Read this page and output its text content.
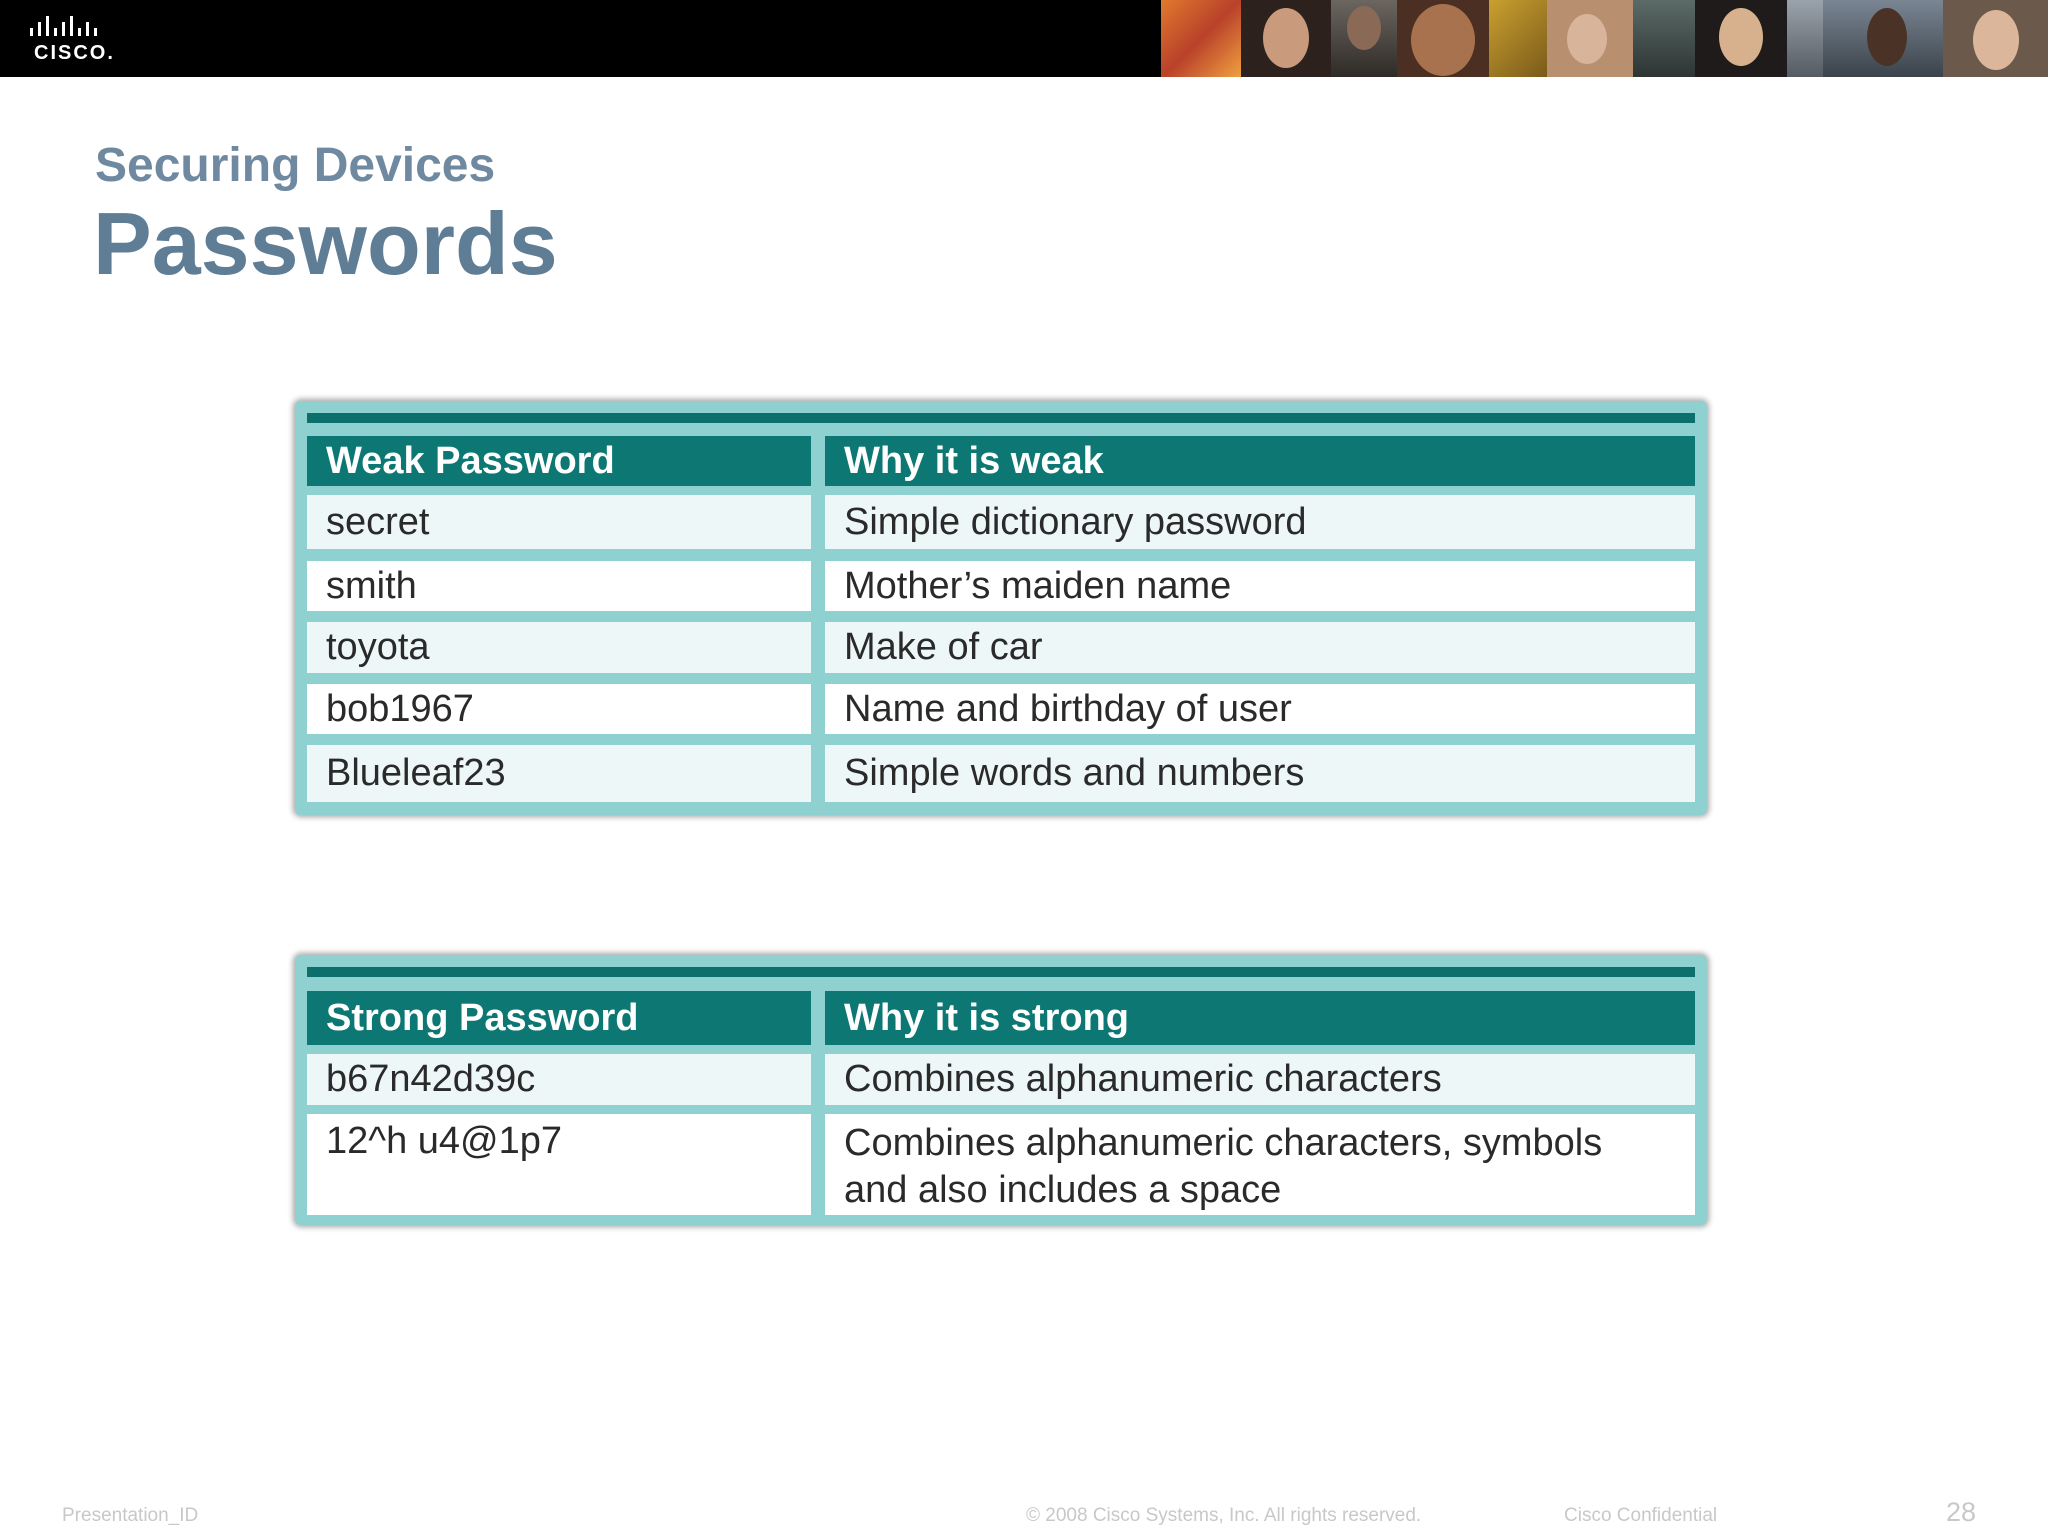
CISCO.
Securing Devices
Passwords
Weak Password	Why it is weak
secret	Simple dictionary password
smith	Mother’s maiden name
toyota	Make of car
bob1967	Name and birthday of user
Blueleaf23	Simple words and numbers
Strong Password	Why it is strong
b67n42d39c	Combines alphanumeric characters
12^h u4@1p7	Combines alphanumeric characters, symbols and also includes a space
Presentation_ID	© 2008 Cisco Systems, Inc. All rights reserved.	Cisco Confidential	28
